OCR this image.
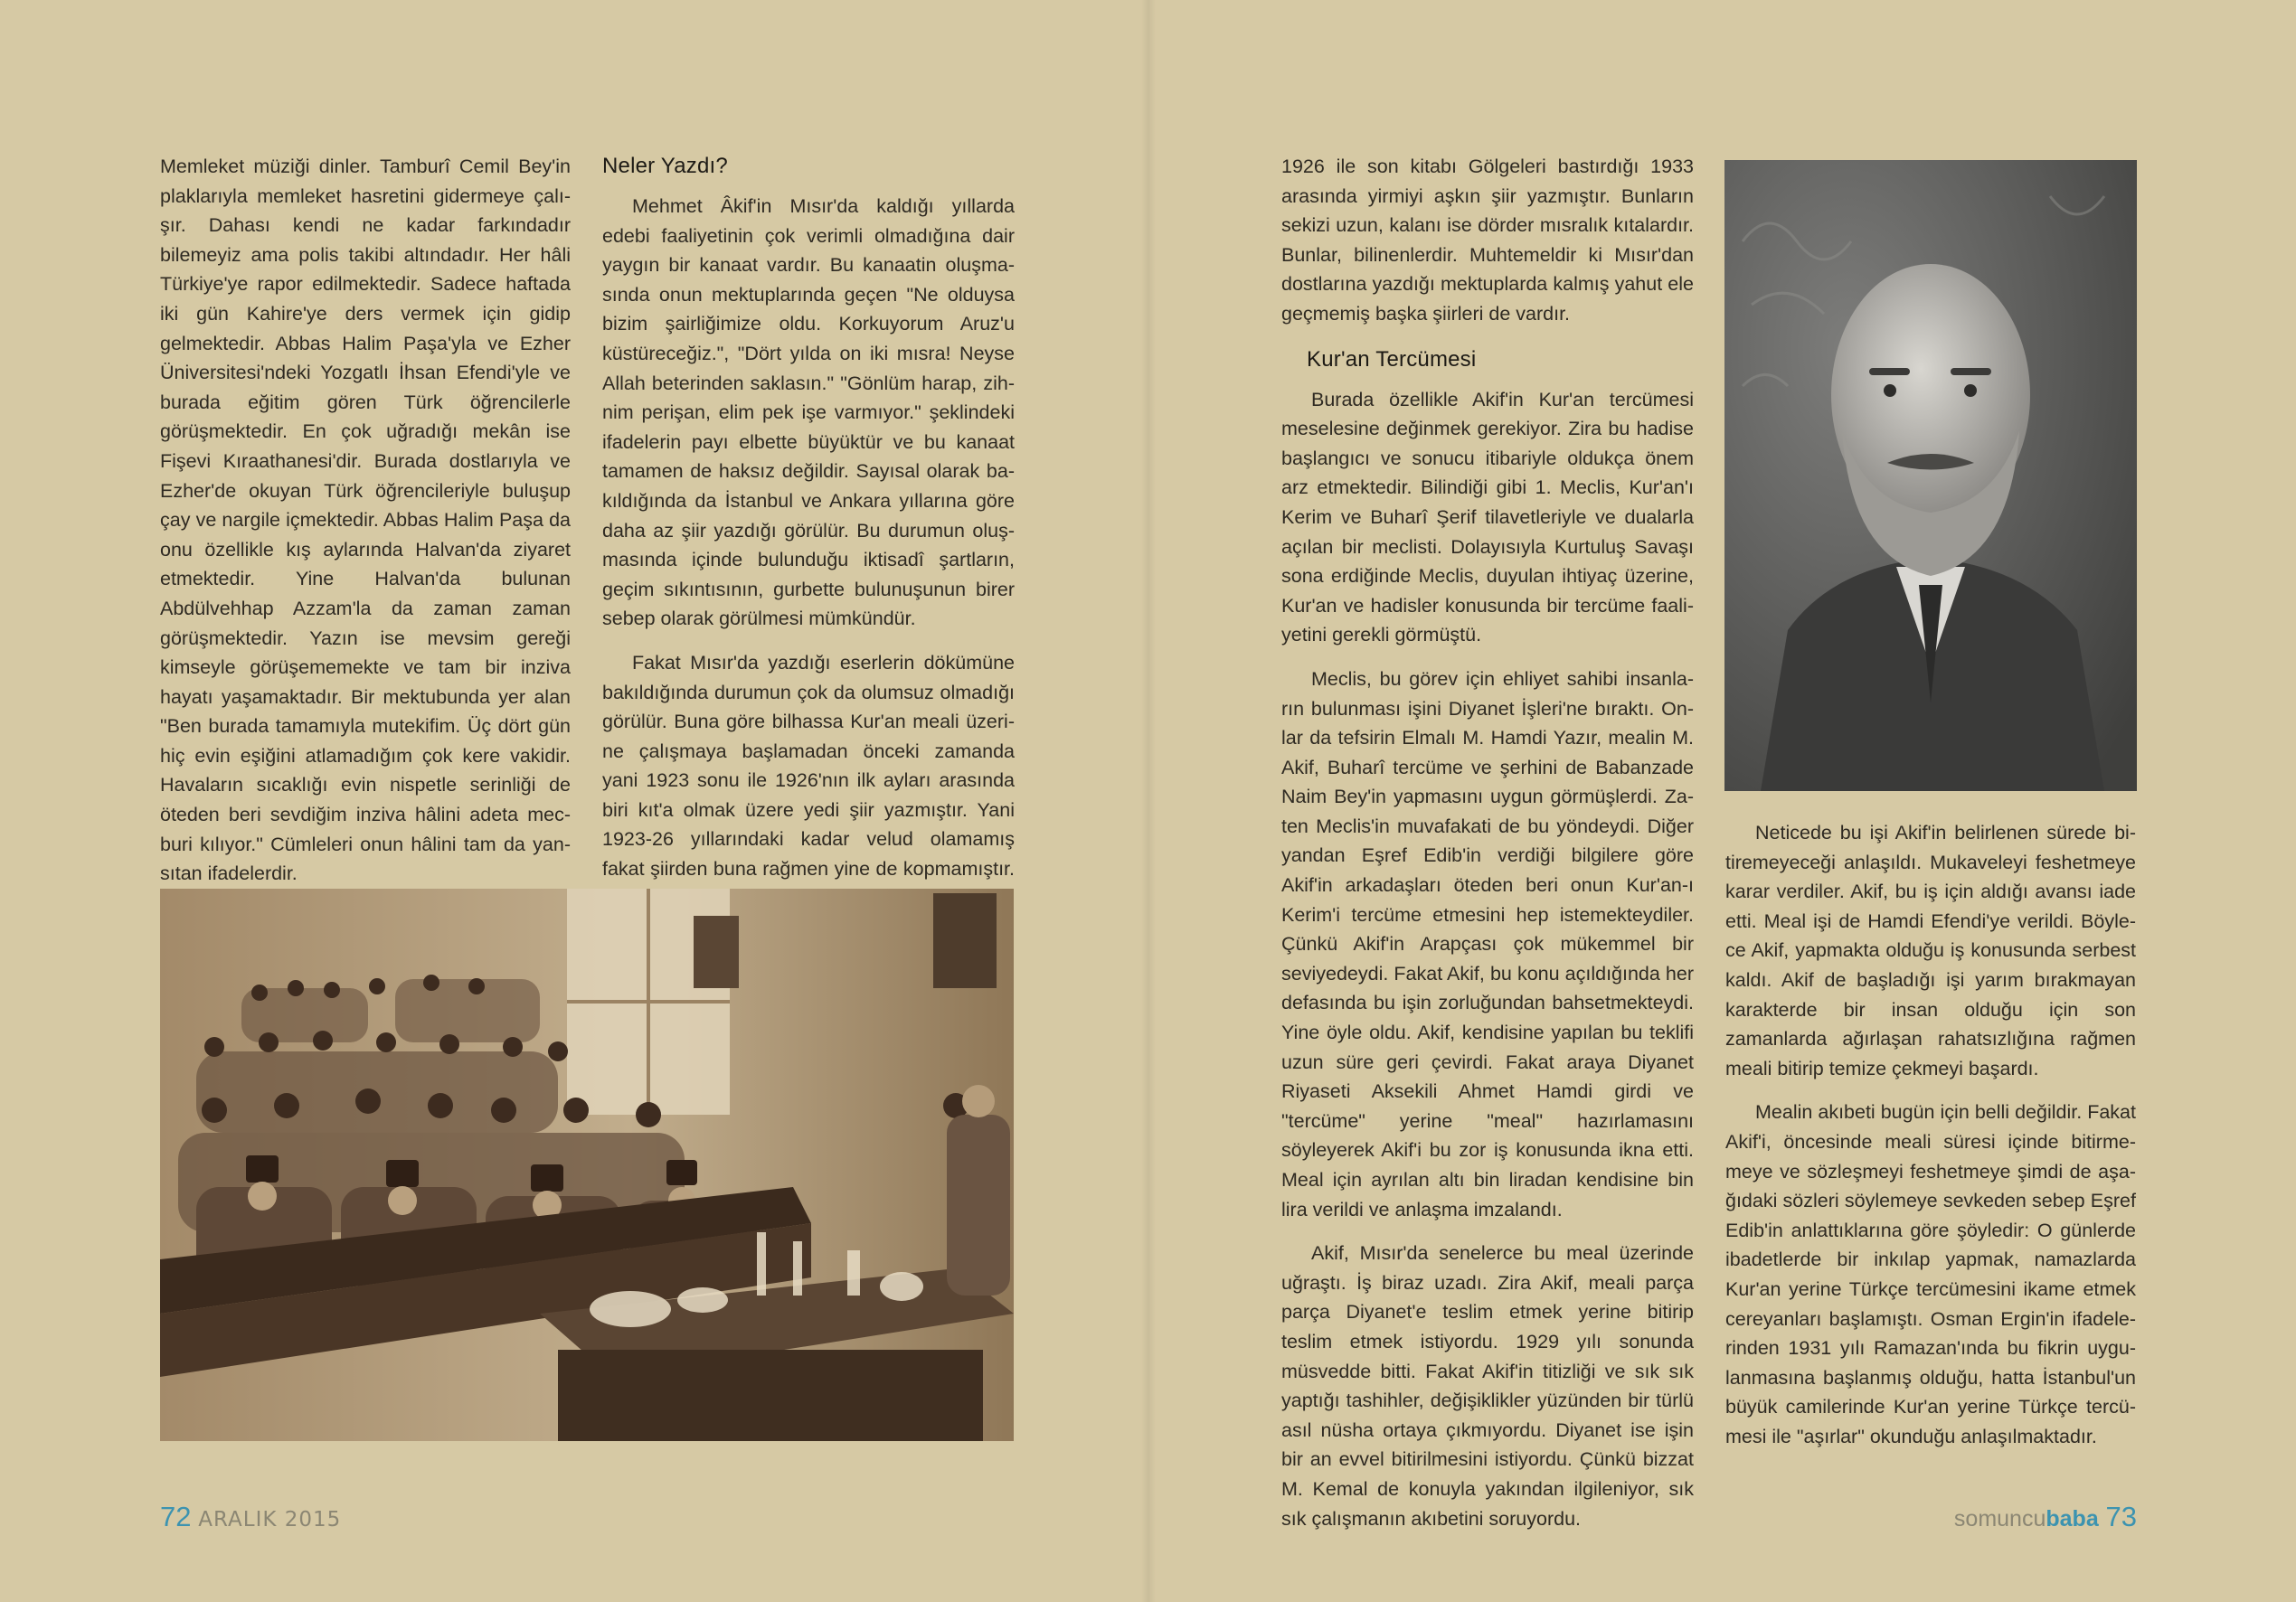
Memleket müziği dinler. Tamburî Cemil Bey'in plaklarıyla memleket hasretini gidermeye çalışır. Dahası kendi ne kadar farkındadır bilemeyiz ama polis takibi altındadır. Her hâli Türkiye'ye rapor edilmektedir. Sadece haftada iki gün Kahire'ye ders vermek için gidip gelmektedir. Abbas Halim Paşa'yla ve Ezher Üniversitesi'ndeki Yozgatlı İhsan Efendi'yle ve burada eğitim gören Türk öğrencilerle görüşmektedir. En çok uğradığı mekân ise Fişevi Kıraathanesi'dir. Burada dostlarıyla ve Ezher'de okuyan Türk öğrencileriyle buluşup çay ve nargile içmektedir. Abbas Halim Paşa da onu özellikle kış aylarında Halvan'da ziyaret etmektedir. Yine Halvan'da bulunan Abdülvehhap Azzam'la da zaman zaman görüşmektedir. Yazın ise mevsim gereği kimseyle görüşememekte ve tam bir inziva hayatı yaşamaktadır. Bir mektubunda yer alan "Ben burada tamamıyla mutekifim. Üç dört gün hiç evin eşiğini atlamadığım çok kere vakidir. Havaların sıcaklığı evin nispetle serinliği de öteden beri sevdiğim inziva hâlini adeta mecburi kılıyor." Cümleleri onun hâlini tam da yansıtan ifadelerdir.

Neler Yazdı?

Mehmet Âkif'in Mısır'da kaldığı yıllarda edebi faaliyetinin çok verimli olmadığına dair yaygın bir kanaat vardır. Bu kanaatin oluşmasında onun mektuplarında geçen "Ne olduysa bizim şairliğimize oldu. Korkuyorum Aruz'u küstüreceğiz.", "Dört yılda on iki mısra! Neyse Allah beterinden saklasın." "Gönlüm harap, zihnim perişan, elim pek işe varmıyor." şeklindeki ifadelerin payı elbette büyüktür ve bu kanaat tamamen de haksız değildir. Sayısal olarak bakıldığında da İstanbul ve Ankara yıllarına göre daha az şiir yazdığı görülür. Bu durumun oluşmasında içinde bulunduğu iktisadî şartların, geçim sıkıntısının, gurbette bulunuşunun birer sebep olarak görülmesi mümkündür.

Fakat Mısır'da yazdığı eserlerin dökümüne bakıldığında durumun çok da olumsuz olmadığı görülür. Buna göre bilhassa Kur'an meali üzerine çalışmaya başlamadan önceki zamanda yani 1923 sonu ile 1926'nın ilk ayları arasında biri kıt'a olmak üzere yedi şiir yazmıştır. Yani 1923-26 yıllarındaki kadar velud olamamış fakat şiirden buna rağmen yine de kopmamıştır.

1926 ile son kitabı Gölgeleri bastırdığı 1933 arasında yirmiyi aşkın şiir yazmıştır. Bunların sekizi uzun, kalanı ise dörder mısralık kıtalardır. Bunlar, bilinenlerdir. Muhtemeldir ki Mısır'dan dostlarına yazdığı mektuplarda kalmış yahut ele geçmemiş başka şiirleri de vardır.

Kur'an Tercümesi

Burada özellikle Akif'in Kur'an tercümesi meselesine değinmek gerekiyor. Zira bu hadise başlangıcı ve sonucu itibariyle oldukça önem arz etmektedir. Bilindiği gibi 1. Meclis, Kur'an'ı Kerim ve Buharî Şerif tilavetleriyle ve dualarla açılan bir meclisti. Dolayısıyla Kurtuluş Savaşı sona erdiğinde Meclis, duyulan ihtiyaç üzerine, Kur'an ve hadisler konusunda bir tercüme faaliyetini gerekli görmüştü.

Meclis, bu görev için ehliyet sahibi insanların bulunması işini Diyanet İşleri'ne bıraktı. Onlar da tefsirin Elmalı M. Hamdi Yazır, mealin M. Akif, Buharî tercüme ve şerhini de Babanzade Naim Bey'in yapmasını uygun görmüşlerdi. Zaten Meclis'in muvafakati de bu yöndeydi. Diğer yandan Eşref Edib'in verdiği bilgilere göre Akif'in arkadaşları öteden beri onun Kur'an-ı Kerim'i tercüme etmesini hep istemekteydiler. Çünkü Akif'in Arapçası çok mükemmel bir seviyedeydi. Fakat Akif, bu konu açıldığında her defasında bu işin zorluğundan bahsetmekteydi. Yine öyle oldu. Akif, kendisine yapılan bu teklifi uzun süre geri çevirdi. Fakat araya Diyanet Riyaseti Aksekili Ahmet Hamdi girdi ve "tercüme" yerine "meal" hazırlamasını söyleyerek Akif'i bu zor iş konusunda ikna etti. Meal için ayrılan altı bin liradan kendisine bin lira verildi ve anlaşma imzalandı.

Akif, Mısır'da senelerce bu meal üzerinde uğraştı. İş biraz uzadı. Zira Akif, meali parça parça Diyanet'e teslim etmek yerine bitirip teslim etmek istiyordu. 1929 yılı sonunda müsvedde bitti. Fakat Akif'in titizliği ve sık sık yaptığı tashihler, değişiklikler yüzünden bir türlü asıl nüsha ortaya çıkmıyordu. Diyanet ise işin bir an evvel bitirilmesini istiyordu. Çünkü bizzat M. Kemal de konuyla yakından ilgileniyor, sık sık çalışmanın akıbetini soruyordu.

Neticede bu işi Akif'in belirlenen sürede bitiremeyeceği anlaşıldı. Mukaveleyi feshetmeye karar verdiler. Akif, bu iş için aldığı avansı iade etti. Meal işi de Hamdi Efendi'ye verildi. Böylece Akif, yapmakta olduğu iş konusunda serbest kaldı. Akif de başladığı işi yarım bırakmayan karakterde bir insan olduğu için son zamanlarda ağırlaşan rahatsızlığına rağmen meali bitirip temize çekmeyi başardı.

Mealin akıbeti bugün için belli değildir. Fakat Akif'i, öncesinde meali süresi içinde bitirmemeye ve sözleşmeyi feshetmeye şimdi de aşağıdaki sözleri söylemeye sevkeden sebep Eşref Edib'in anlattıklarına göre şöyledir: O günlerde ibadetlerde bir inkılap yapmak, namazlarda Kur'an yerine Türkçe tercümesini ikame etmek cereyanları başlamıştı. Osman Ergin'in ifadelerinden 1931 yılı Ramazan'ında bu fikrin uygulanmasına başlanmış olduğu, hatta İstanbul'un büyük camilerinde Kur'an yerine Türkçe tercümesi ile "aşırlar" okunduğu anlaşılmaktadır.

72 ARALIK 2015	somuncubaba 73
